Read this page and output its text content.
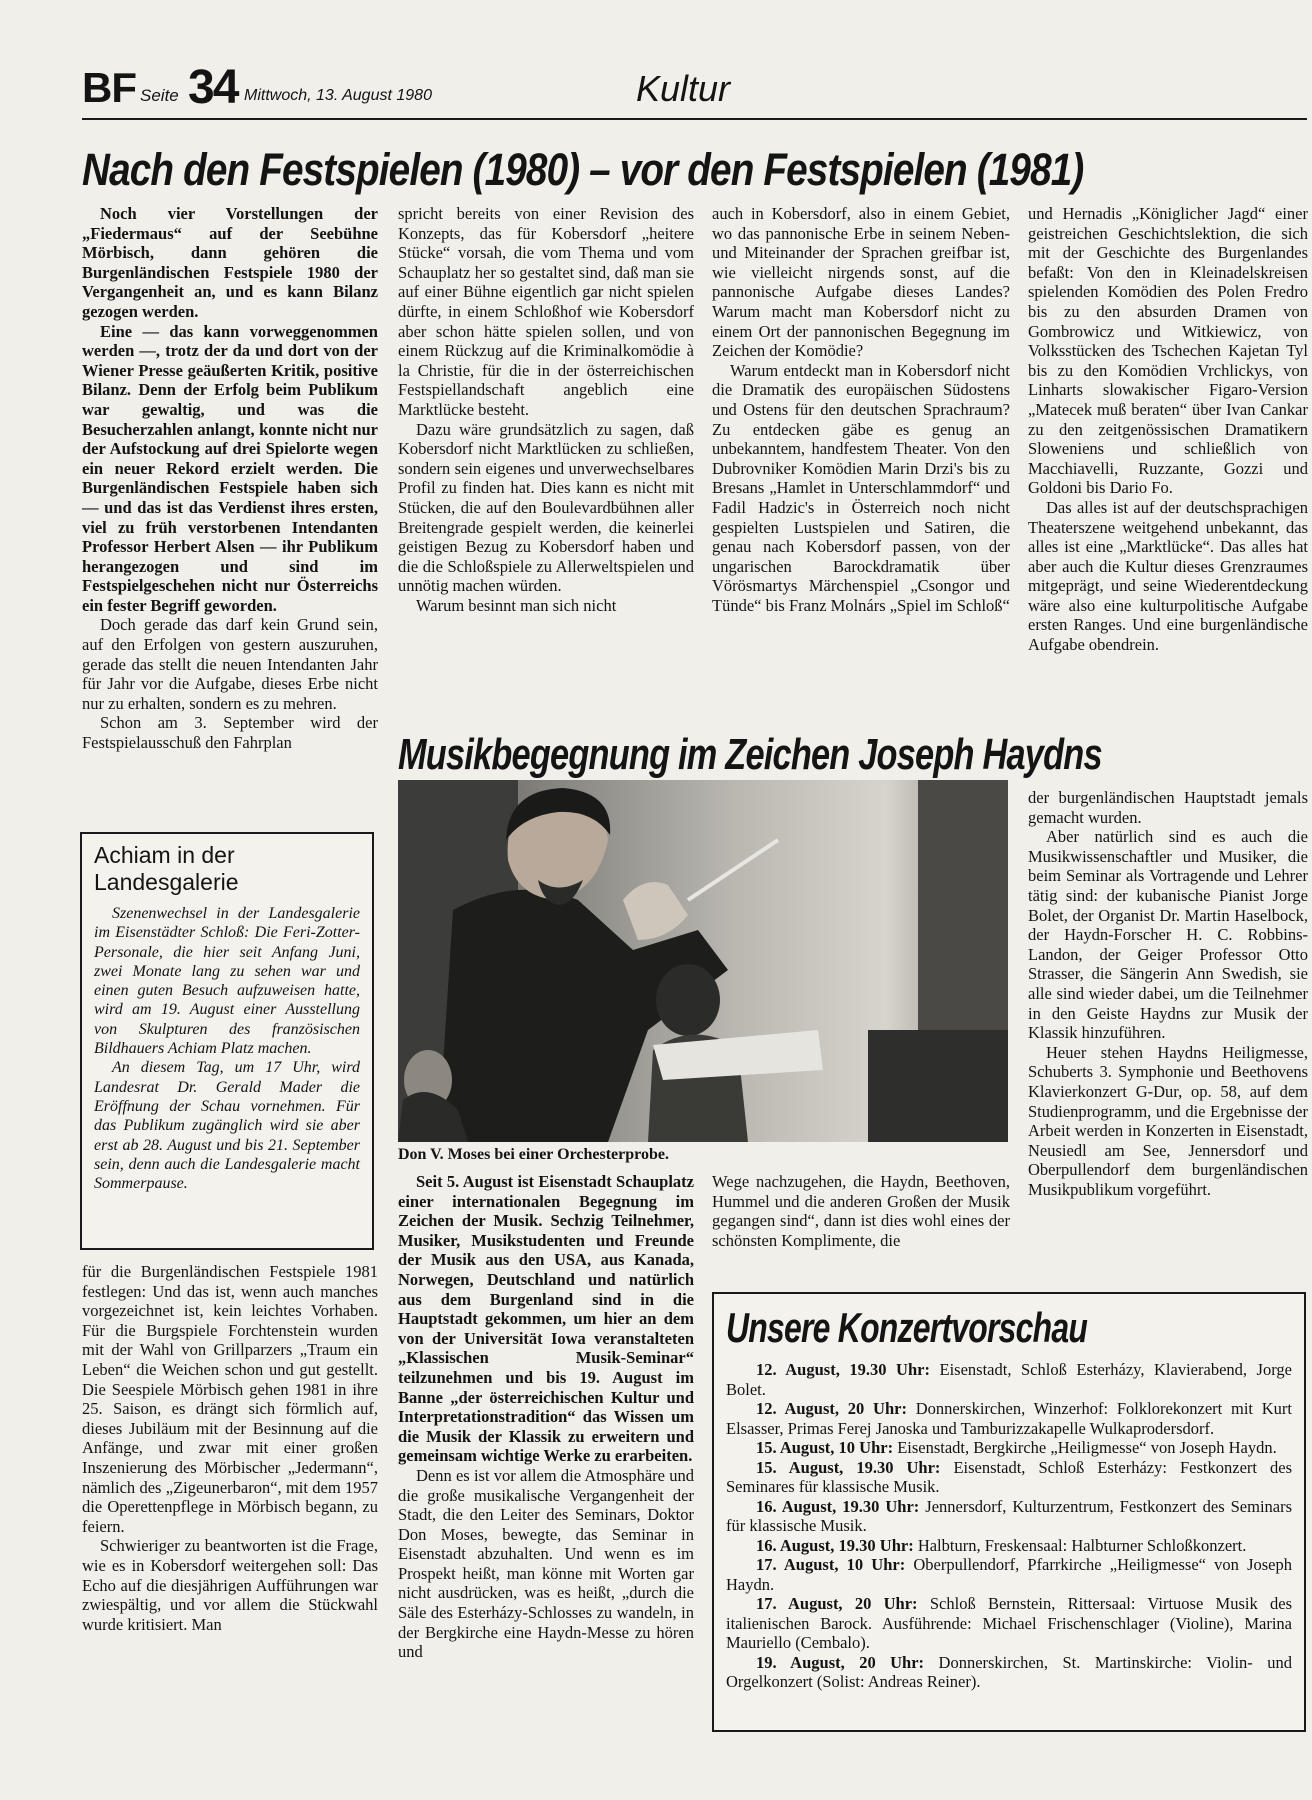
BF Seite 34 Mittwoch, 13. August 1980	Kultur
Nach den Festspielen (1980) – vor den Festspielen (1981)

Noch vier Vorstellungen der „Fiedermaus“ auf der Seebühne Mörbisch, dann gehören die Burgenländischen Festspiele 1980 der Vergangenheit an, und es kann Bilanz gezogen werden.

Eine — das kann vorweggenommen werden —, trotz der da und dort von der Wiener Presse geäußerten Kritik, positive Bilanz. Denn der Erfolg beim Publikum war gewaltig, und was die Besucherzahlen anlangt, konnte nicht nur der Aufstockung auf drei Spielorte wegen ein neuer Rekord erzielt werden. Die Burgenländischen Festspiele haben sich — und das ist das Verdienst ihres ersten, viel zu früh verstorbenen Intendanten Professor Herbert Alsen — ihr Publikum herangezogen und sind im Festspielgeschehen nicht nur Österreichs ein fester Begriff geworden.

Doch gerade das darf kein Grund sein, auf den Erfolgen von gestern auszuruhen, gerade das stellt die neuen Intendanten Jahr für Jahr vor die Aufgabe, dieses Erbe nicht nur zu erhalten, sondern es zu mehren.

Schon am 3. September wird der Festspielausschuß den Fahrplan

Achiam in der Landesgalerie

Szenenwechsel in der Landesgalerie im Eisenstädter Schloß: Die Feri-Zotter-Personale, die hier seit Anfang Juni, zwei Monate lang zu sehen war und einen guten Besuch aufzuweisen hatte, wird am 19. August einer Ausstellung von Skulpturen des französischen Bildhauers Achiam Platz machen.

An diesem Tag, um 17 Uhr, wird Landesrat Dr. Gerald Mader die Eröffnung der Schau vornehmen. Für das Publikum zugänglich wird sie aber erst ab 28. August und bis 21. September sein, denn auch die Landesgalerie macht Sommerpause.

für die Burgenländischen Festspiele 1981 festlegen: Und das ist, wenn auch manches vorgezeichnet ist, kein leichtes Vorhaben. Für die Burgspiele Forchtenstein wurden mit der Wahl von Grillparzers „Traum ein Leben“ die Weichen schon und gut gestellt. Die Seespiele Mörbisch gehen 1981 in ihre 25. Saison, es drängt sich förmlich auf, dieses Jubiläum mit der Besinnung auf die Anfänge, und zwar mit einer großen Inszenierung des Mörbischer „Jedermann“, nämlich des „Zigeunerbaron“, mit dem 1957 die Operettenpflege in Mörbisch begann, zu feiern.

Schwieriger zu beantworten ist die Frage, wie es in Kobersdorf weitergehen soll: Das Echo auf die diesjährigen Aufführungen war zwiespältig, und vor allem die Stückwahl wurde kritisiert. Man

spricht bereits von einer Revision des Konzepts, das für Kobersdorf „heitere Stücke“ vorsah, die vom Thema und vom Schauplatz her so gestaltet sind, daß man sie auf einer Bühne eigentlich gar nicht spielen dürfte, in einem Schloßhof wie Kobersdorf aber schon hätte spielen sollen, und von einem Rückzug auf die Kriminalkomödie à la Christie, für die in der österreichischen Festspiellandschaft angeblich eine Marktlücke besteht.

Dazu wäre grundsätzlich zu sagen, daß Kobersdorf nicht Marktlücken zu schließen, sondern sein eigenes und unverwechselbares Profil zu finden hat. Dies kann es nicht mit Stücken, die auf den Boulevardbühnen aller Breitengrade gespielt werden, die keinerlei geistigen Bezug zu Kobersdorf haben und die die Schloßspiele zu Allerweltspielen und unnötig machen würden.

Warum besinnt man sich nicht

auch in Kobersdorf, also in einem Gebiet, wo das pannonische Erbe in seinem Neben- und Miteinander der Sprachen greifbar ist, wie vielleicht nirgends sonst, auf die pannonische Aufgabe dieses Landes? Warum macht man Kobersdorf nicht zu einem Ort der pannonischen Begegnung im Zeichen der Komödie?

Warum entdeckt man in Kobersdorf nicht die Dramatik des europäischen Südostens und Ostens für den deutschen Sprachraum? Zu entdecken gäbe es genug an unbekanntem, handfestem Theater. Von den Dubrovniker Komödien Marin Drzi's bis zu Bresans „Hamlet in Unterschlammdorf“ und Fadil Hadzic's in Österreich noch nicht gespielten Lustspielen und Satiren, die genau nach Kobersdorf passen, von der ungarischen Barockdramatik über Vörösmartys Märchenspiel „Csongor und Tünde“ bis Franz Molnárs „Spiel im Schloß“

und Hernadis „Königlicher Jagd“ einer geistreichen Geschichtslektion, die sich mit der Geschichte des Burgenlandes befaßt: Von den in Kleinadelskreisen spielenden Komödien des Polen Fredro bis zu den absurden Dramen von Gombrowicz und Witkiewicz, von Volksstücken des Tschechen Kajetan Tyl bis zu den Komödien Vrchlickys, von Linharts slowakischer Figaro-Version „Matecek muß beraten“ über Ivan Cankar zu den zeitgenössischen Dramatikern Sloweniens und schließlich von Macchiavelli, Ruzzante, Gozzi und Goldoni bis Dario Fo.

Das alles ist auf der deutschsprachigen Theaterszene weitgehend unbekannt, das alles ist eine „Marktlücke“. Das alles hat aber auch die Kultur dieses Grenzraumes mitgeprägt, und seine Wiederentdeckung wäre also eine kulturpolitische Aufgabe ersten Ranges. Und eine burgenländische Aufgabe obendrein.

Musikbegegnung im Zeichen Joseph Haydns
Don V. Moses bei einer Orchesterprobe.

Seit 5. August ist Eisenstadt Schauplatz einer internationalen Begegnung im Zeichen der Musik. Sechzig Teilnehmer, Musiker, Musikstudenten und Freunde der Musik aus den USA, aus Kanada, Norwegen, Deutschland und natürlich aus dem Burgenland sind in die Hauptstadt gekommen, um hier an dem von der Universität Iowa veranstalteten „Klassischen Musik-Seminar“ teilzunehmen und bis 19. August im Banne „der österreichischen Kultur und Interpretationstradition“ das Wissen um die Musik der Klassik zu erweitern und gemeinsam wichtige Werke zu erarbeiten.

Denn es ist vor allem die Atmosphäre und die große musikalische Vergangenheit der Stadt, die den Leiter des Seminars, Doktor Don Moses, bewegte, das Seminar in Eisenstadt abzuhalten. Und wenn es im Prospekt heißt, man könne mit Worten gar nicht ausdrücken, was es heißt, „durch die Säle des Esterházy-Schlosses zu wandeln, in der Bergkirche eine Haydn-Messe zu hören und

Wege nachzugehen, die Haydn, Beethoven, Hummel und die anderen Großen der Musik gegangen sind“, dann ist dies wohl eines der schönsten Komplimente, die

der burgenländischen Hauptstadt jemals gemacht wurden.

Aber natürlich sind es auch die Musikwissenschaftler und Musiker, die beim Seminar als Vortragende und Lehrer tätig sind: der kubanische Pianist Jorge Bolet, der Organist Dr. Martin Haselbock, der Haydn-Forscher H. C. Robbins-Landon, der Geiger Professor Otto Strasser, die Sängerin Ann Swedish, sie alle sind wieder dabei, um die Teilnehmer in den Geiste Haydns zur Musik der Klassik hinzuführen.

Heuer stehen Haydns Heiligmesse, Schuberts 3. Symphonie und Beethovens Klavierkonzert G-Dur, op. 58, auf dem Studienprogramm, und die Ergebnisse der Arbeit werden in Konzerten in Eisenstadt, Neusiedl am See, Jennersdorf und Oberpullendorf dem burgenländischen Musikpublikum vorgeführt.

Unsere Konzertvorschau

12. August, 19.30 Uhr: Eisenstadt, Schloß Esterházy, Klavierabend, Jorge Bolet.

12. August, 20 Uhr: Donnerskirchen, Winzerhof: Folklorekonzert mit Kurt Elsasser, Primas Ferej Janoska und Tamburizzakapelle Wulkaprodersdorf.

15. August, 10 Uhr: Eisenstadt, Bergkirche „Heiligmesse“ von Joseph Haydn.

15. August, 19.30 Uhr: Eisenstadt, Schloß Esterházy: Festkonzert des Seminares für klassische Musik.

16. August, 19.30 Uhr: Jennersdorf, Kulturzentrum, Festkonzert des Seminars für klassische Musik.

16. August, 19.30 Uhr: Halbturn, Freskensaal: Halbturner Schloßkonzert.

17. August, 10 Uhr: Oberpullendorf, Pfarrkirche „Heiligmesse“ von Joseph Haydn.

17. August, 20 Uhr: Schloß Bernstein, Rittersaal: Virtuose Musik des italienischen Barock. Ausführende: Michael Frischenschlager (Violine), Marina Mauriello (Cembalo).

19. August, 20 Uhr: Donnerskirchen, St. Martinskirche: Violin- und Orgelkonzert (Solist: Andreas Reiner).
